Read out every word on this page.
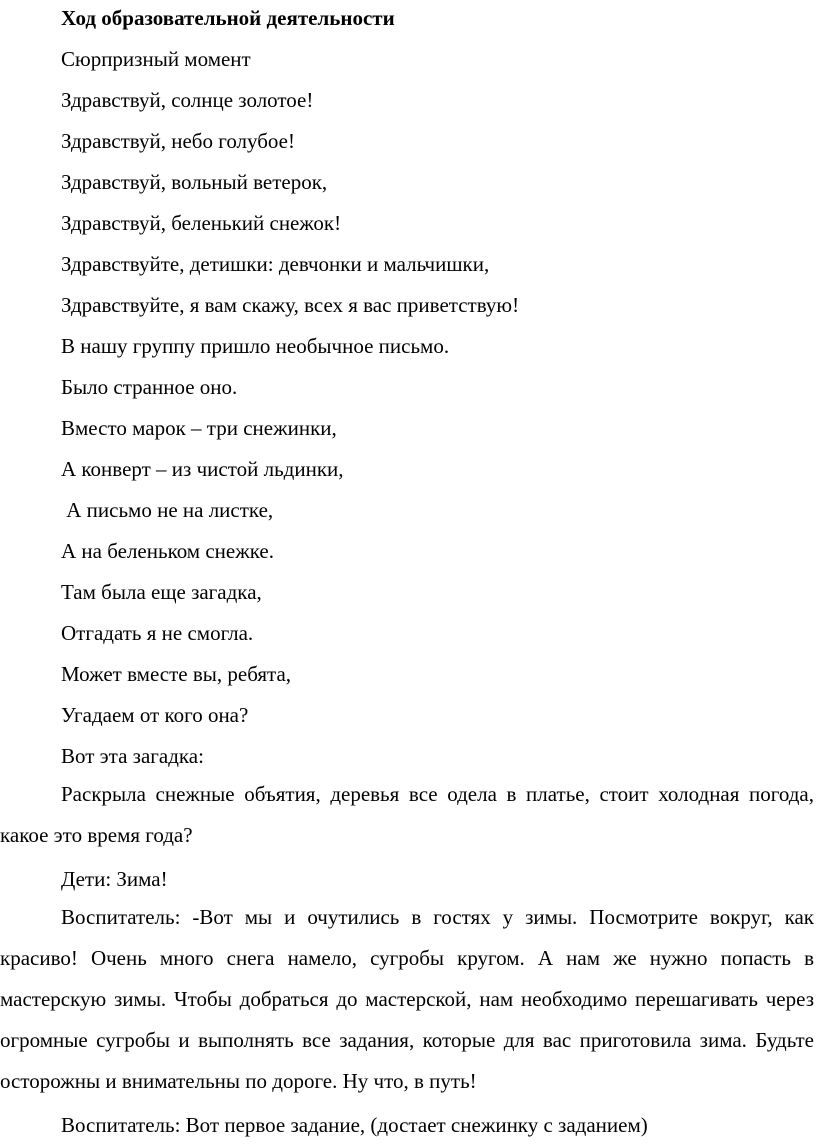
Ход образовательной деятельности
Сюрпризный момент
Здравствуй, солнце золотое!
Здравствуй, небо голубое!
Здравствуй, вольный ветерок,
Здравствуй, беленький снежок!
Здравствуйте, детишки: девчонки и мальчишки,
Здравствуйте, я вам скажу, всех я вас приветствую!
В нашу группу пришло необычное письмо.
Было странное оно.
Вместо марок – три снежинки,
А конверт – из чистой льдинки,
А письмо не на листке,
А на беленьком снежке.
Там была еще загадка,
Отгадать я не смогла.
Может вместе вы, ребята,
Угадаем от кого она?
Вот эта загадка:
Раскрыла снежные объятия, деревья все одела в платье, стоит холодная погода, какое это время года?
Дети: Зима!
Воспитатель: -Вот мы и очутились в гостях у зимы. Посмотрите вокруг, как красиво! Очень много снега намело, сугробы кругом. А нам же нужно попасть в мастерскую зимы. Чтобы добраться до мастерской, нам необходимо перешагивать через огромные сугробы и выполнять все задания, которые для вас приготовила зима. Будьте осторожны и внимательны по дороге. Ну что, в путь!
Воспитатель: Вот первое задание, (достает снежинку с заданием)
